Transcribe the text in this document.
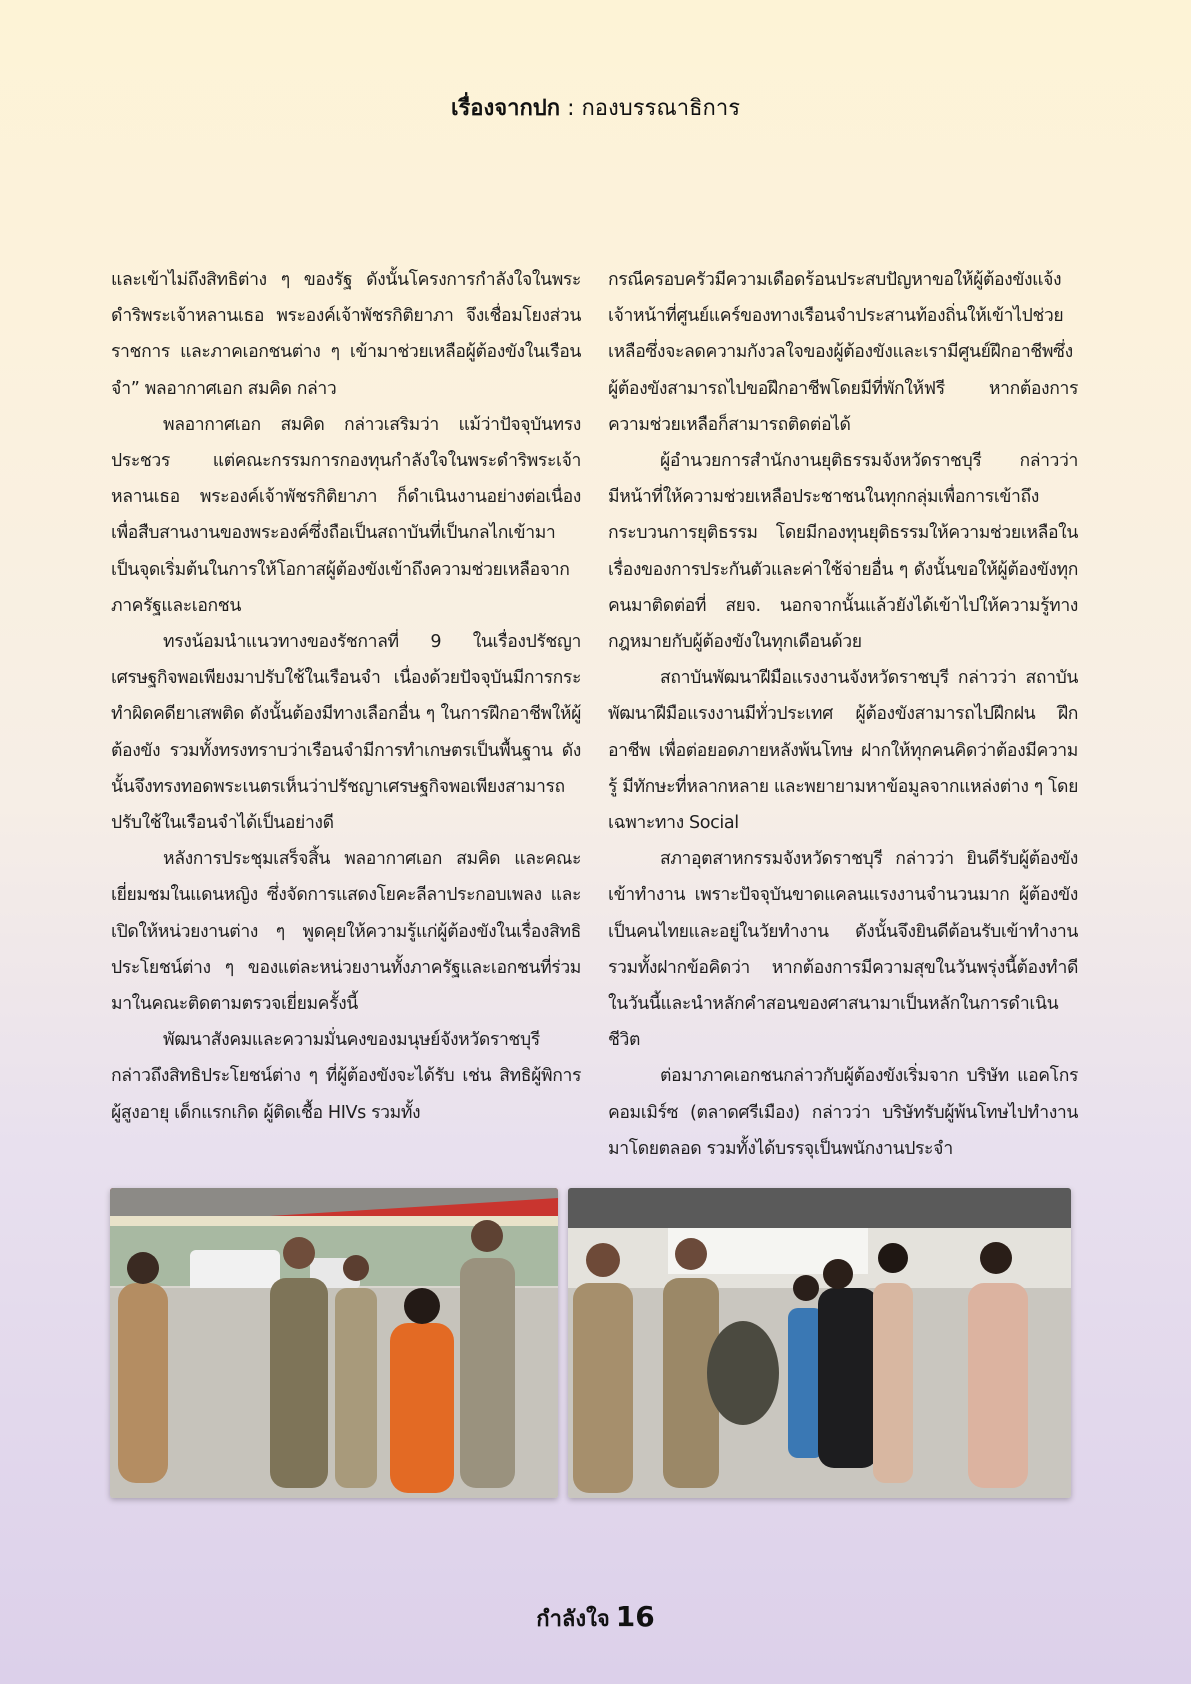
เรื่องจากปก : กองบรรณาธิการ

และเข้าไม่ถึงสิทธิต่าง ๆ ของรัฐ ดังนั้นโครงการกำลังใจในพระดำริพระเจ้าหลานเธอ พระองค์เจ้าพัชรกิติยาภา จึงเชื่อมโยงส่วนราชการ และภาคเอกชนต่าง ๆ เข้ามาช่วยเหลือผู้ต้องขังในเรือนจำ” พลอากาศเอก สมคิด กล่าว

พลอากาศเอก สมคิด กล่าวเสริมว่า แม้ว่าปัจจุบันทรงประชวร แต่คณะกรรมการกองทุนกำลังใจในพระดำริพระเจ้าหลานเธอ พระองค์เจ้าพัชรกิติยาภา ก็ดำเนินงานอย่างต่อเนื่อง เพื่อสืบสานงานของพระองค์ซึ่งถือเป็นสถาบันที่เป็นกลไกเข้ามาเป็นจุดเริ่มต้นในการให้โอกาสผู้ต้องขังเข้าถึงความช่วยเหลือจากภาครัฐและเอกชน

ทรงน้อมนำแนวทางของรัชกาลที่ 9 ในเรื่องปรัชญาเศรษฐกิจพอเพียงมาปรับใช้ในเรือนจำ เนื่องด้วยปัจจุบันมีการกระทำผิดคดียาเสพติด ดังนั้นต้องมีทางเลือกอื่น ๆ ในการฝึกอาชีพให้ผู้ต้องขัง รวมทั้งทรงทราบว่าเรือนจำมีการทำเกษตรเป็นพื้นฐาน ดังนั้นจึงทรงทอดพระเนตรเห็นว่าปรัชญาเศรษฐกิจพอเพียงสามารถปรับใช้ในเรือนจำได้เป็นอย่างดี

หลังการประชุมเสร็จสิ้น พลอากาศเอก สมคิด และคณะเยี่ยมชมในแดนหญิง ซึ่งจัดการแสดงโยคะลีลาประกอบเพลง และเปิดให้หน่วยงานต่าง ๆ พูดคุยให้ความรู้แก่ผู้ต้องขังในเรื่องสิทธิประโยชน์ต่าง ๆ ของแต่ละหน่วยงานทั้งภาครัฐและเอกชนที่ร่วมมาในคณะติดตามตรวจเยี่ยมครั้งนี้

พัฒนาสังคมและความมั่นคงของมนุษย์จังหวัดราชบุรี กล่าวถึงสิทธิประโยชน์ต่าง ๆ ที่ผู้ต้องขังจะได้รับ เช่น สิทธิผู้พิการ ผู้สูงอายุ เด็กแรกเกิด ผู้ติดเชื้อ HIVs รวมทั้ง

กรณีครอบครัวมีความเดือดร้อนประสบปัญหาขอให้ผู้ต้องขังแจ้งเจ้าหน้าที่ศูนย์แคร์ของทางเรือนจำประสานท้องถิ่นให้เข้าไปช่วยเหลือซึ่งจะลดความกังวลใจของผู้ต้องขังและเรามีศูนย์ฝึกอาชีพซึ่งผู้ต้องขังสามารถไปขอฝึกอาชีพโดยมีที่พักให้ฟรี หากต้องการความช่วยเหลือก็สามารถติดต่อได้

ผู้อำนวยการสำนักงานยุติธรรมจังหวัดราชบุรี กล่าวว่า มีหน้าที่ให้ความช่วยเหลือประชาชนในทุกกลุ่มเพื่อการเข้าถึงกระบวนการยุติธรรม โดยมีกองทุนยุติธรรมให้ความช่วยเหลือในเรื่องของการประกันตัวและค่าใช้จ่ายอื่น ๆ ดังนั้นขอให้ผู้ต้องขังทุกคนมาติดต่อที่ สยจ. นอกจากนั้นแล้วยังได้เข้าไปให้ความรู้ทางกฎหมายกับผู้ต้องขังในทุกเดือนด้วย

สถาบันพัฒนาฝีมือแรงงานจังหวัดราชบุรี กล่าวว่า สถาบันพัฒนาฝีมือแรงงานมีทั่วประเทศ ผู้ต้องขังสามารถไปฝึกฝน ฝึกอาชีพ เพื่อต่อยอดภายหลังพ้นโทษ ฝากให้ทุกคนคิดว่าต้องมีความรู้ มีทักษะที่หลากหลาย และพยายามหาข้อมูลจากแหล่งต่าง ๆ โดยเฉพาะทาง Social

สภาอุตสาหกรรมจังหวัดราชบุรี กล่าวว่า ยินดีรับผู้ต้องขังเข้าทำงาน เพราะปัจจุบันขาดแคลนแรงงานจำนวนมาก ผู้ต้องขังเป็นคนไทยและอยู่ในวัยทำงาน ดังนั้นจึงยินดีต้อนรับเข้าทำงาน รวมทั้งฝากข้อคิดว่า หากต้องการมีความสุขในวันพรุ่งนี้ต้องทำดีในวันนี้และนำหลักคำสอนของศาสนามาเป็นหลักในการดำเนินชีวิต

ต่อมาภาคเอกชนกล่าวกับผู้ต้องขังเริ่มจาก บริษัท แอคโกร คอมเมิร์ซ (ตลาดศรีเมือง) กล่าวว่า บริษัทรับผู้พ้นโทษไปทำงานมาโดยตลอด รวมทั้งได้บรรจุเป็นพนักงานประจำ

กำลังใจ 16
